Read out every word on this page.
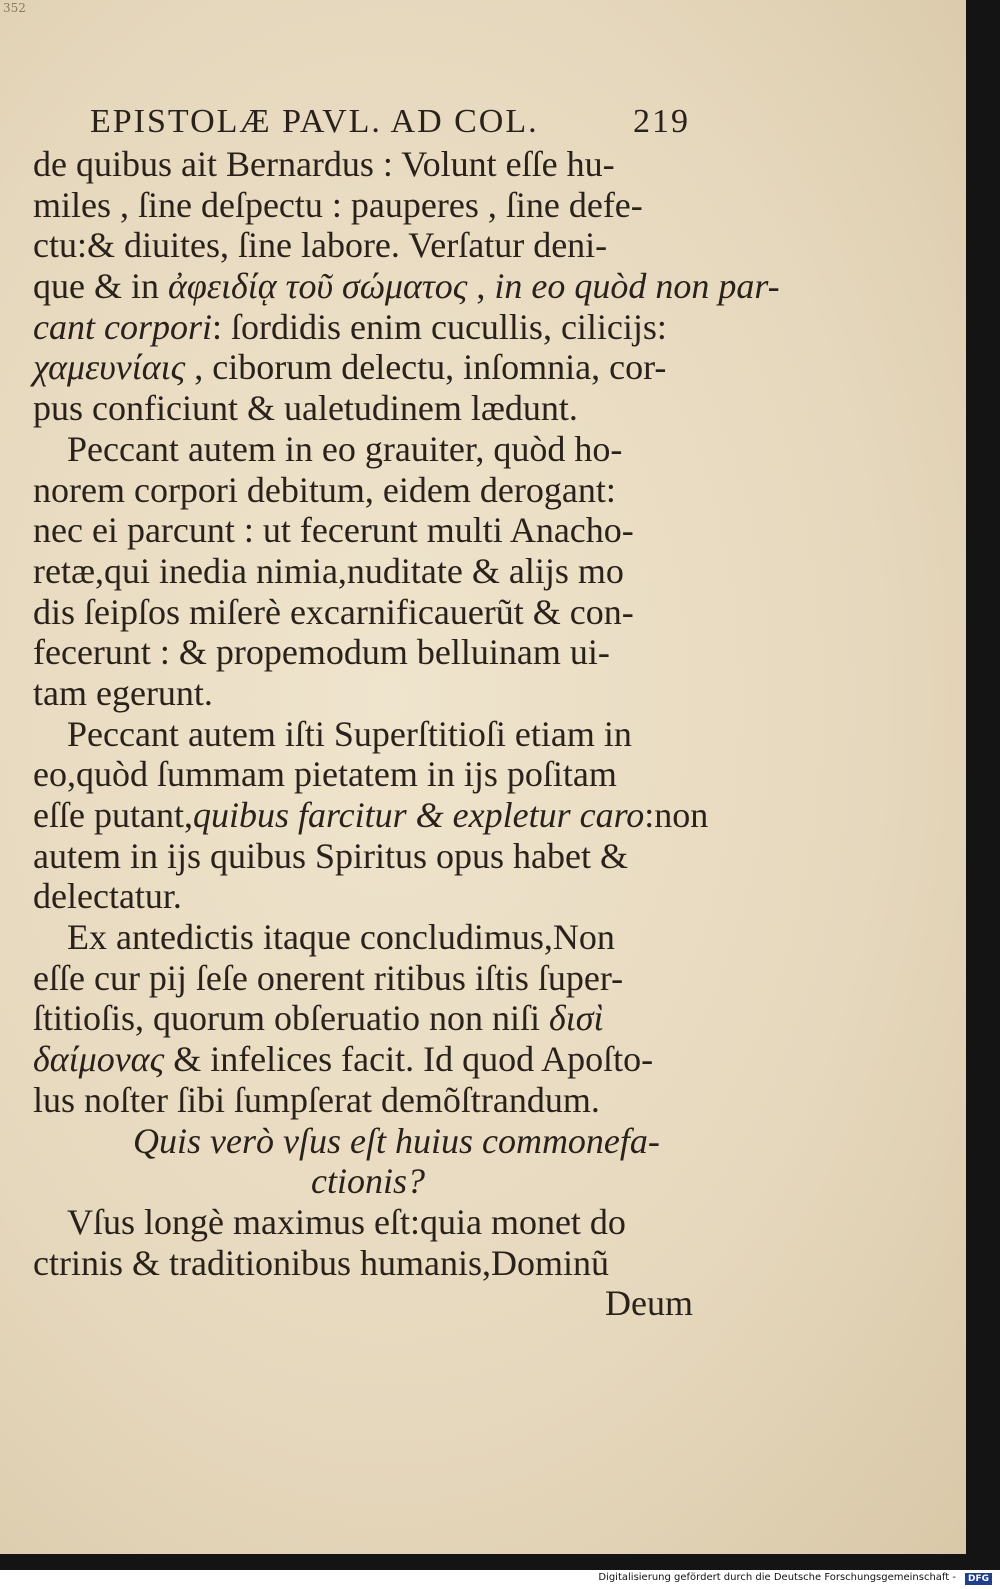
352
EPISTOLÆ PAVL. AD COL.	219
de quibus ait Bernardus : Volunt eſſe hu-
miles , ſine deſpectu : pauperes , ſine defe-
ctu:& diuites, ſine labore. Verſatur deni-
que & in ἀφειδίᾳ τοῦ σώματος , in eo quòd non par-
cant corpori: ſordidis enim cucullis, cilicijs:
χαμευνίαις , ciborum delectu, inſomnia, cor-
pus conficiunt & ualetudinem lædunt.
Peccant autem in eo grauiter, quòd ho-
norem corpori debitum, eidem derogant:
nec ei parcunt : ut fecerunt multi Anacho-
retæ,qui inedia nimia,nuditate & alijs mo
dis ſeipſos miſerè excarnificauerũt & con-
fecerunt : & propemodum belluinam ui-
tam egerunt.
Peccant autem iſti Superſtitioſi etiam in
eo,quòd ſummam pietatem in ijs poſitam
eſſe putant,quibus farcitur & expletur caro:non
autem in ijs quibus Spiritus opus habet &
delectatur.
Ex antedictis itaque concludimus,Non
eſſe cur pij ſeſe onerent ritibus iſtis ſuper-
ſtitioſis, quorum obſeruatio non niſi δισὶ
δαίμονας & infelices facit. Id quod Apoſto-
lus noſter ſibi ſumpſerat demõſtrandum.
Quis verò vſus eſt huius commonefa-
ctionis?
Vſus longè maximus eſt:quia monet do
ctrinis & traditionibus humanis,Dominũ
Deum
Digitalisierung gefördert durch die Deutsche Forschungsgemeinschaft -	DFG
